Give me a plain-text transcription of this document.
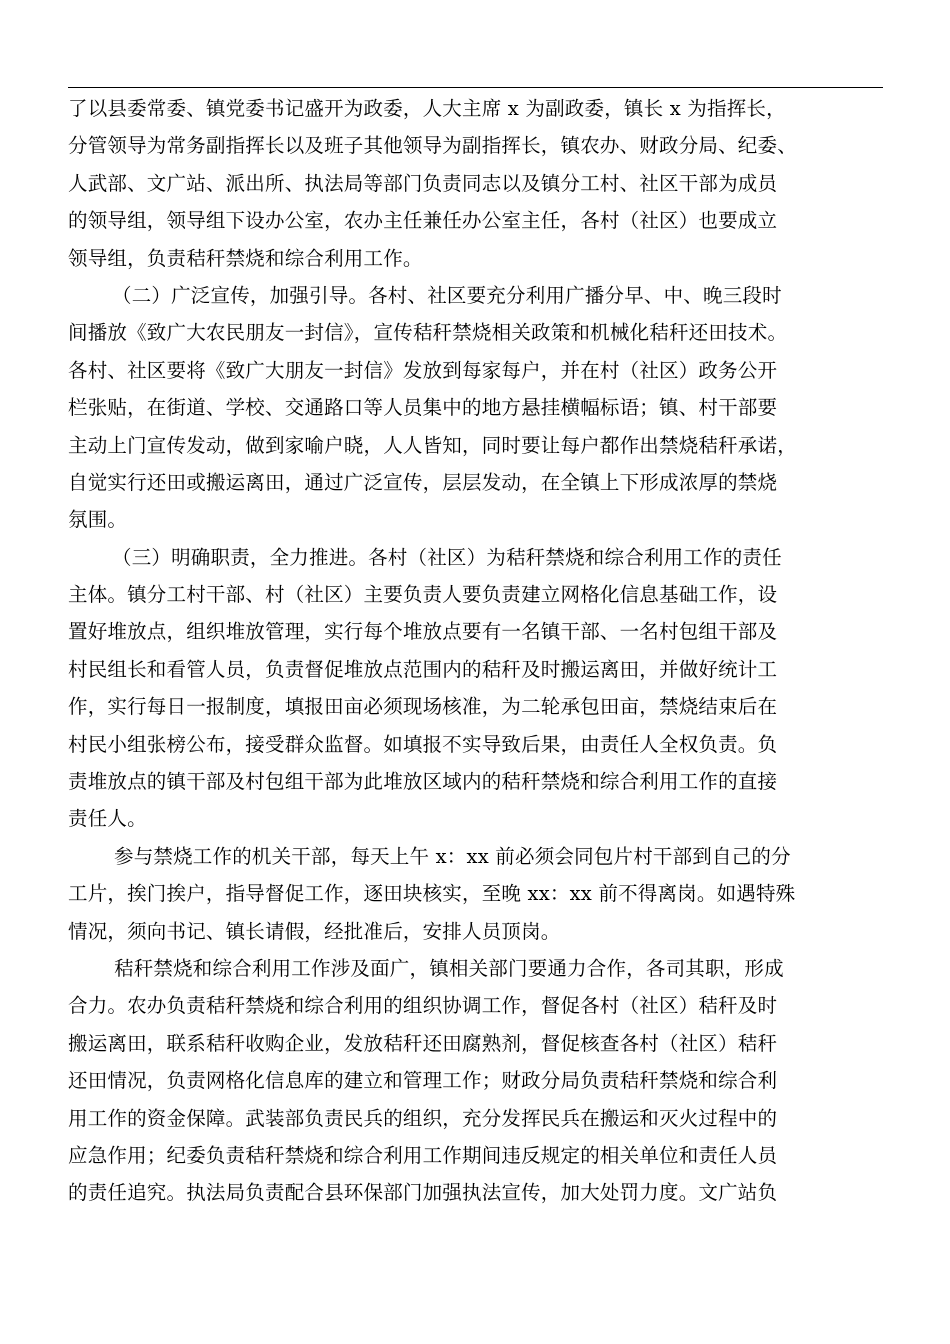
了以县委常委、镇党委书记盛开为政委，人大主席 x 为副政委，镇长 x 为指挥长，
分管领导为常务副指挥长以及班子其他领导为副指挥长，镇农办、财政分局、纪委、
人武部、文广站、派出所、执法局等部门负责同志以及镇分工村、社区干部为成员
的领导组，领导组下设办公室，农办主任兼任办公室主任，各村（社区）也要成立
领导组，负责秸秆禁烧和综合利用工作。
（二）广泛宣传，加强引导。各村、社区要充分利用广播分早、中、晚三段时
间播放《致广大农民朋友一封信》，宣传秸秆禁烧相关政策和机械化秸秆还田技术。
各村、社区要将《致广大朋友一封信》发放到每家每户，并在村（社区）政务公开
栏张贴，在街道、学校、交通路口等人员集中的地方悬挂横幅标语；镇、村干部要
主动上门宣传发动，做到家喻户晓，人人皆知，同时要让每户都作出禁烧秸秆承诺，
自觉实行还田或搬运离田，通过广泛宣传，层层发动，在全镇上下形成浓厚的禁烧
氛围。
（三）明确职责，全力推进。各村（社区）为秸秆禁烧和综合利用工作的责任
主体。镇分工村干部、村（社区）主要负责人要负责建立网格化信息基础工作，设
置好堆放点，组织堆放管理，实行每个堆放点要有一名镇干部、一名村包组干部及
村民组长和看管人员，负责督促堆放点范围内的秸秆及时搬运离田，并做好统计工
作，实行每日一报制度，填报田亩必须现场核准，为二轮承包田亩，禁烧结束后在
村民小组张榜公布，接受群众监督。如填报不实导致后果，由责任人全权负责。负
责堆放点的镇干部及村包组干部为此堆放区域内的秸秆禁烧和综合利用工作的直接
责任人。
参与禁烧工作的机关干部，每天上午 x：xx 前必须会同包片村干部到自己的分
工片，挨门挨户，指导督促工作，逐田块核实，至晚 xx：xx 前不得离岗。如遇特殊
情况，须向书记、镇长请假，经批准后，安排人员顶岗。
秸秆禁烧和综合利用工作涉及面广，镇相关部门要通力合作，各司其职，形成
合力。农办负责秸秆禁烧和综合利用的组织协调工作，督促各村（社区）秸秆及时
搬运离田，联系秸秆收购企业，发放秸秆还田腐熟剂，督促核查各村（社区）秸秆
还田情况，负责网格化信息库的建立和管理工作；财政分局负责秸秆禁烧和综合利
用工作的资金保障。武装部负责民兵的组织，充分发挥民兵在搬运和灭火过程中的
应急作用；纪委负责秸秆禁烧和综合利用工作期间违反规定的相关单位和责任人员
的责任追究。执法局负责配合县环保部门加强执法宣传，加大处罚力度。文广站负
